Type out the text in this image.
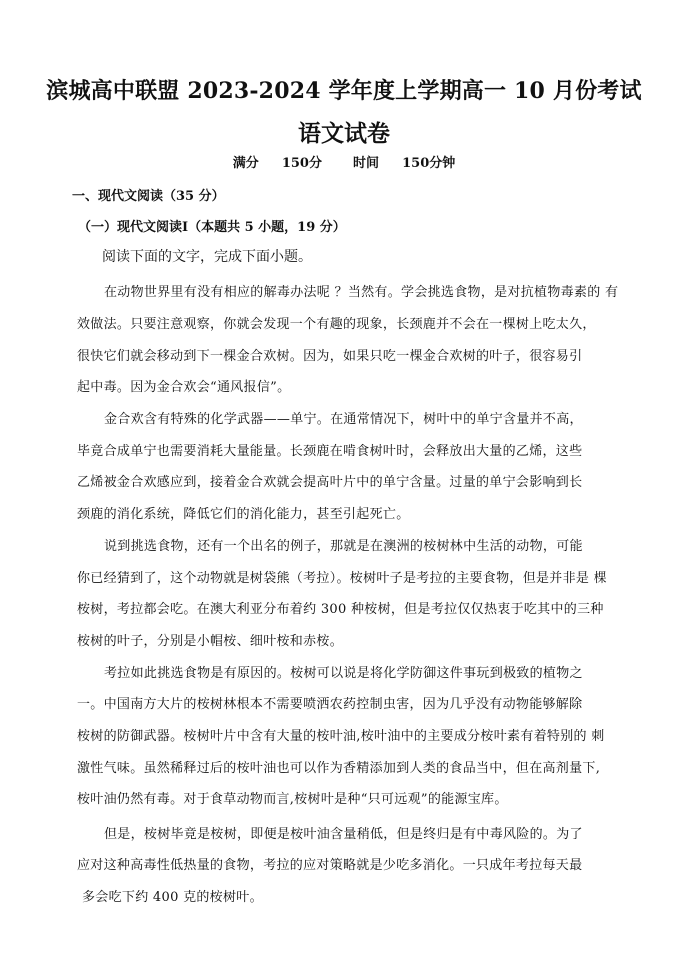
滨城高中联盟 2023-2024 学年度上学期高一 10 月份考试
语文试卷
满分 150分 时间 150分钟
一、现代文阅读（35 分）
（一）现代文阅读Ⅰ（本题共 5 小题，19 分）
阅读下面的文字，完成下面小题。
在动物世界里有没有相应的解毒办法呢 ？当然有。学会挑选食物，是对抗植物毒素的 有
效做法。只要注意观察，你就会发现一个有趣的现象，长颈鹿并不会在一棵树上吃太久，
很快它们就会移动到下一棵金合欢树。因为，如果只吃一棵金合欢树的叶子，很容易引
起中毒。因为金合欢会“通风报信”。
金合欢含有特殊的化学武器——单宁。在通常情况下，树叶中的单宁含量并不高，
毕竟合成单宁也需要消耗大量能量。长颈鹿在啃食树叶时，会释放出大量的乙烯，这些
乙烯被金合欢感应到，接着金合欢就会提高叶片中的单宁含量。过量的单宁会影响到长
颈鹿的消化系统，降低它们的消化能力，甚至引起死亡。
说到挑选食物，还有一个出名的例子，那就是在澳洲的桉树林中生活的动物，可能
你已经猜到了，这个动物就是树袋熊（考拉）。桉树叶子是考拉的主要食物，但是并非是 棵
桉树，考拉都会吃。在澳大利亚分布着约 300 种桉树，但是考拉仅仅热衷于吃其中的三种
桉树的叶子，分别是小帽桉、细叶桉和赤桉。
考拉如此挑选食物是有原因的。桉树可以说是将化学防御这件事玩到极致的植物之
一。中国南方大片的桉树林根本不需要喷洒农药控制虫害，因为几乎没有动物能够解除
桉树的防御武器。桉树叶片中含有大量的桉叶油,桉叶油中的主要成分桉叶素有着特别的 刺
激性气味。虽然稀释过后的桉叶油也可以作为香精添加到人类的食品当中，但在高剂量下,
桉叶油仍然有毒。对于食草动物而言,桉树叶是种“只可远观”的能源宝库。
但是，桉树毕竟是桉树，即便是桉叶油含量稍低，但是终归是有中毒风险的。为了
应对这种高毒性低热量的食物，考拉的应对策略就是少吃多消化。一只成年考拉每天最
多会吃下约 400 克的桉树叶。
